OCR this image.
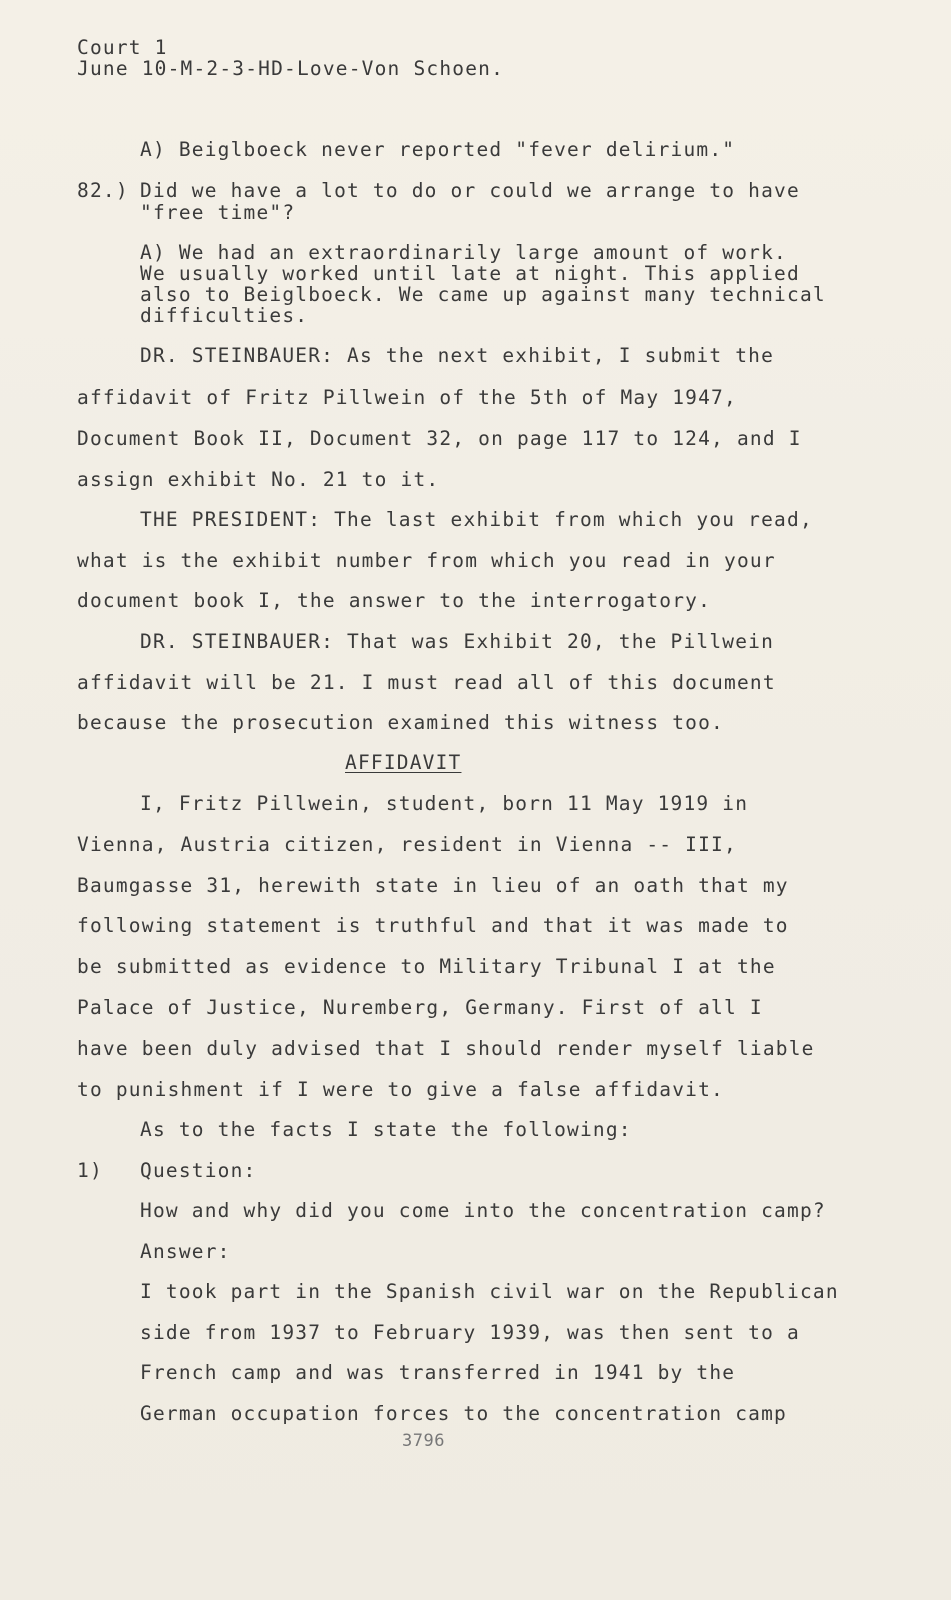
Court 1
June 10-M-2-3-HD-Love-Von Schoen.
A) Beiglboeck never reported "fever delirium."
82.) Did we have a lot to do or could we arrange to have
"free time"?
A) We had an extraordinarily large amount of work.
We usually worked until late at night. This applied
also to Beiglboeck. We came up against many technical
difficulties.
DR. STEINBAUER: As the next exhibit, I submit the
affidavit of Fritz Pillwein of the 5th of May 1947,
Document Book II, Document 32, on page 117 to 124, and I
assign exhibit No. 21 to it.
THE PRESIDENT: The last exhibit from which you read,
what is the exhibit number from which you read in your
document book I, the answer to the interrogatory.
DR. STEINBAUER: That was Exhibit 20, the Pillwein
affidavit will be 21. I must read all of this document
because the prosecution examined this witness too.
AFFIDAVIT
I, Fritz Pillwein, student, born 11 May 1919 in
Vienna, Austria citizen, resident in Vienna -- III,
Baumgasse 31, herewith state in lieu of an oath that my
following statement is truthful and that it was made to
be submitted as evidence to Military Tribunal I at the
Palace of Justice, Nuremberg, Germany. First of all I
have been duly advised that I should render myself liable
to punishment if I were to give a false affidavit.
As to the facts I state the following:
1) Question:
How and why did you come into the concentration camp?
Answer:
I took part in the Spanish civil war on the Republican
side from 1937 to February 1939, was then sent to a
French camp and was transferred in 1941 by the
German occupation forces to the concentration camp
3796
